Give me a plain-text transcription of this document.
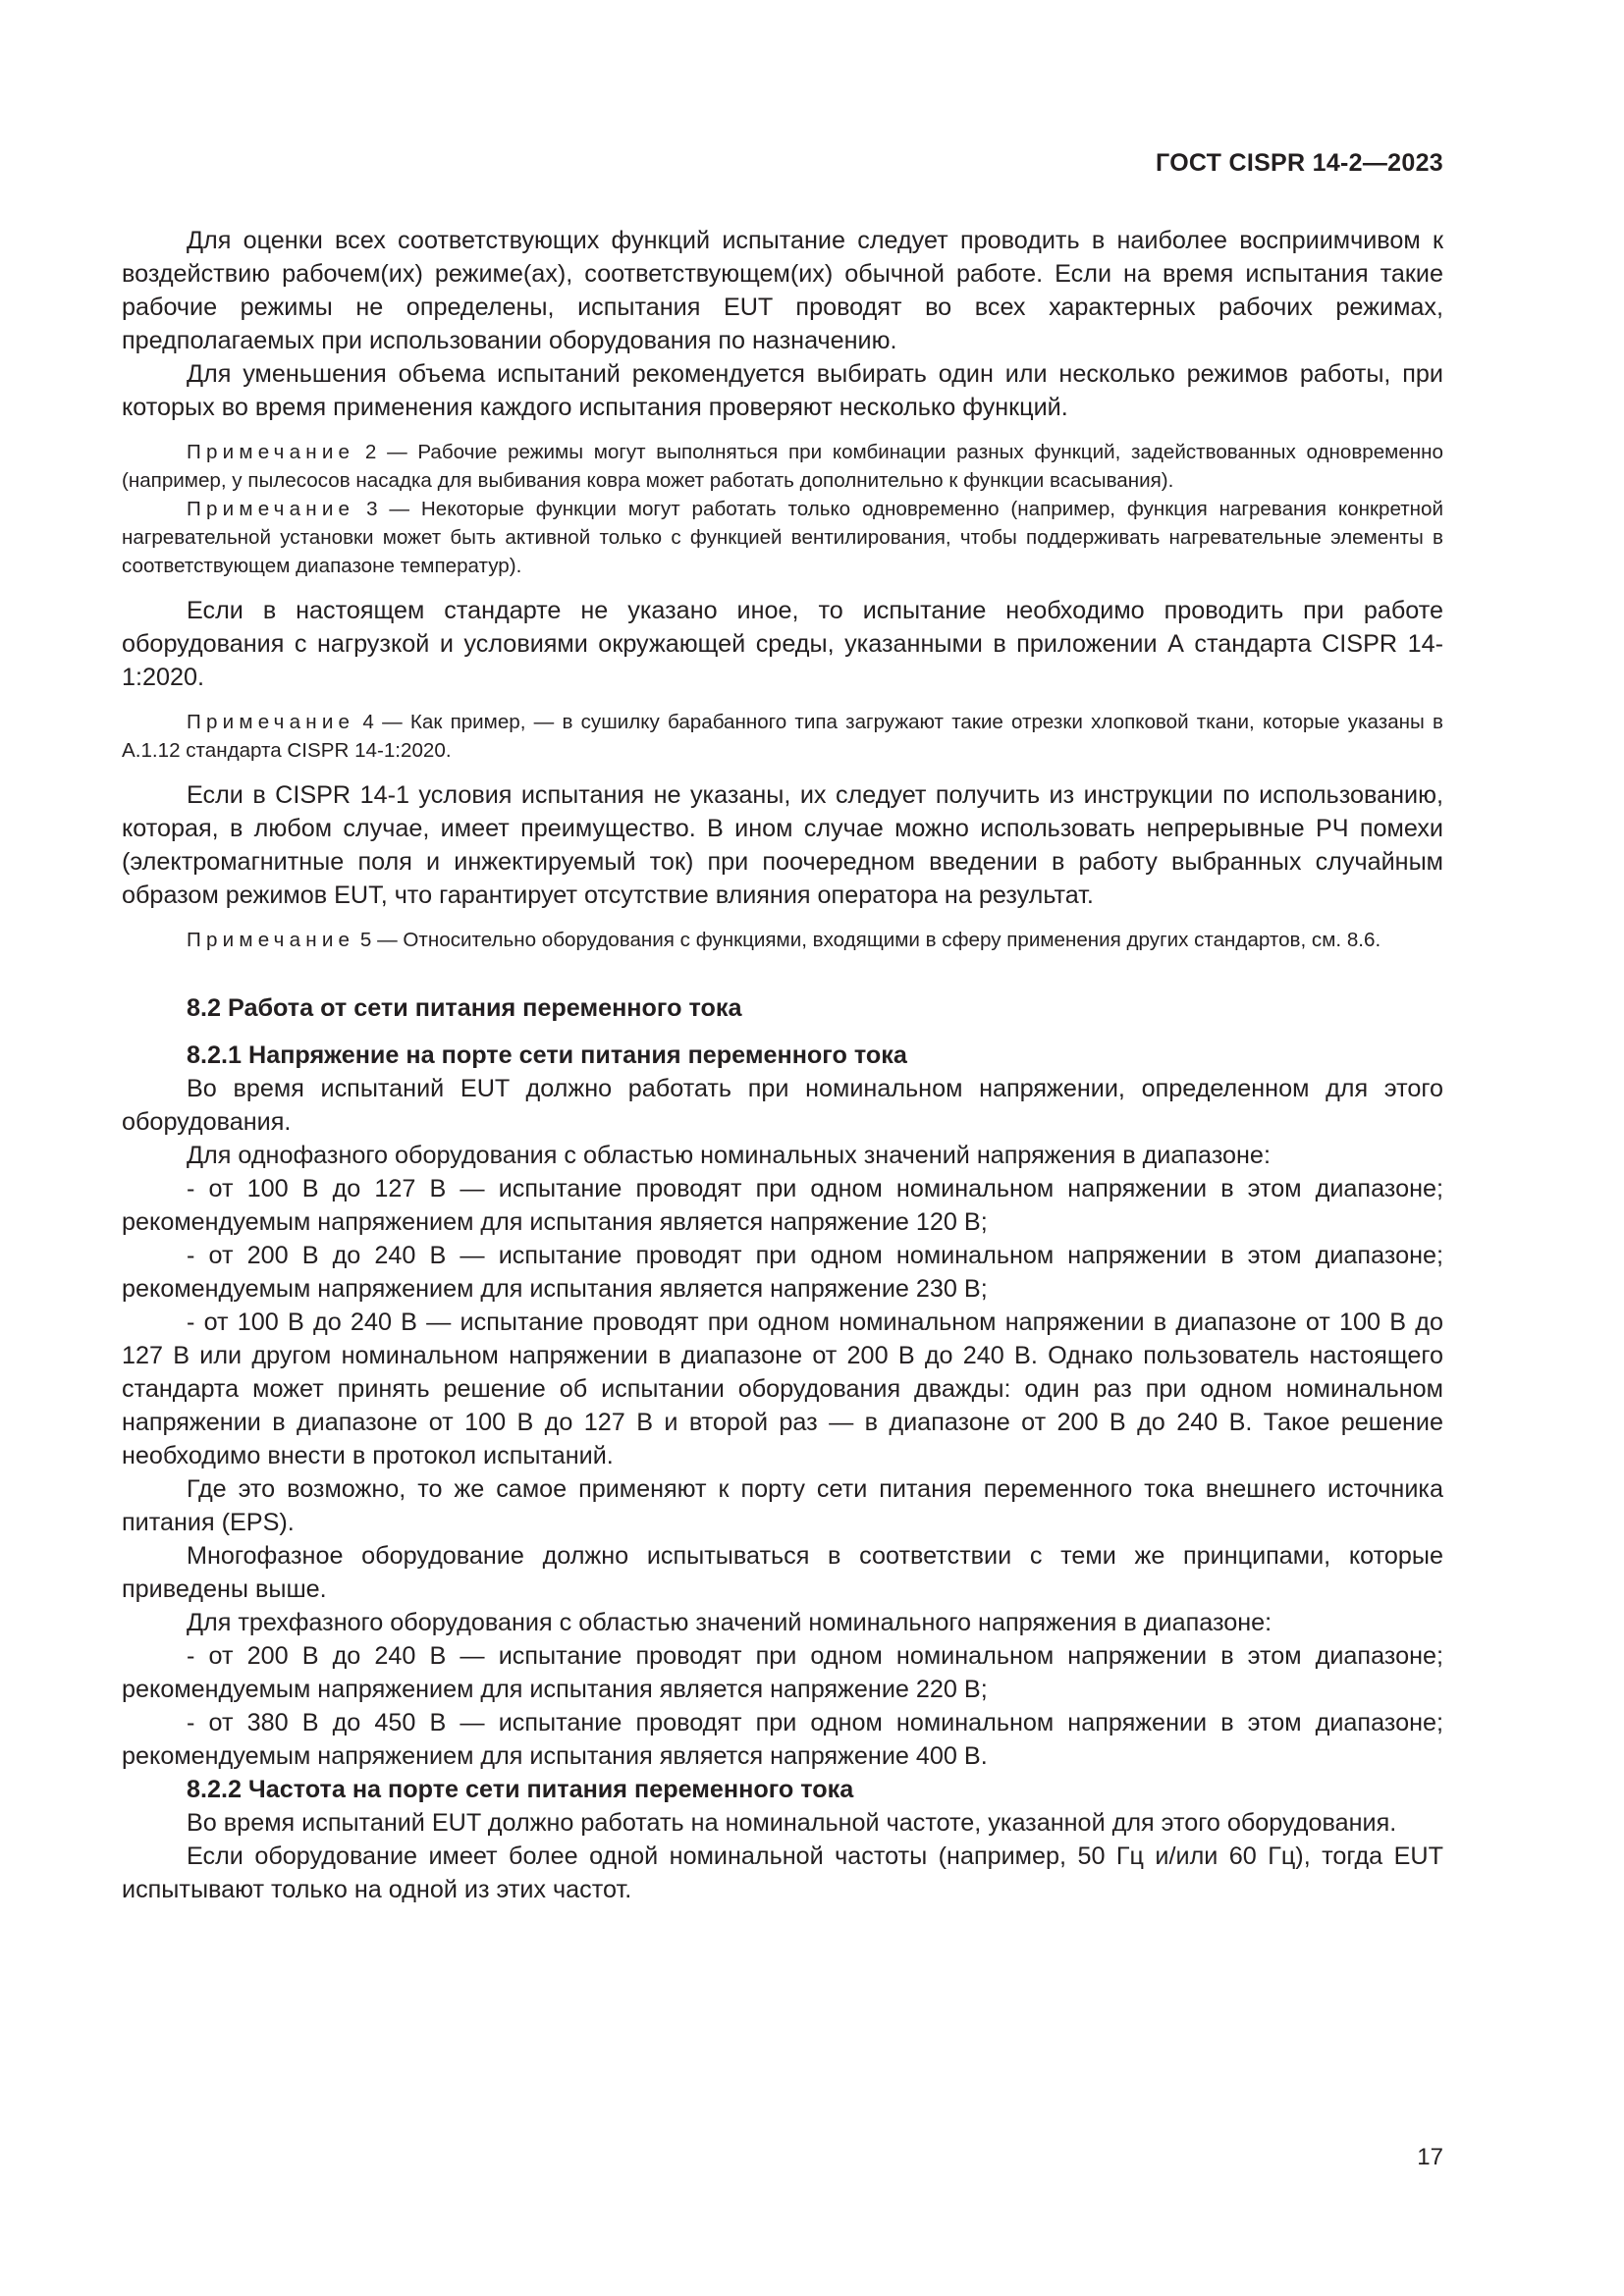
ГОСТ CISPR 14-2—2023

Для оценки всех соответствующих функций испытание следует проводить в наиболее восприимчивом к воздействию рабочем(их) режиме(ах), соответствующем(их) обычной работе. Если на время испытания такие рабочие режимы не определены, испытания EUT проводят во всех характерных рабочих режимах, предполагаемых при использовании оборудования по назначению.

Для уменьшения объема испытаний рекомендуется выбирать один или несколько режимов работы, при которых во время применения каждого испытания проверяют несколько функций.

Примечание 2 — Рабочие режимы могут выполняться при комбинации разных функций, задействованных одновременно (например, у пылесосов насадка для выбивания ковра может работать дополнительно к функции всасывания).

Примечание 3 — Некоторые функции могут работать только одновременно (например, функция нагревания конкретной нагревательной установки может быть активной только с функцией вентилирования, чтобы поддерживать нагревательные элементы в соответствующем диапазоне температур).

Если в настоящем стандарте не указано иное, то испытание необходимо проводить при работе оборудования с нагрузкой и условиями окружающей среды, указанными в приложении А стандарта CISPR 14-1:2020.

Примечание 4 — Как пример, — в сушилку барабанного типа загружают такие отрезки хлопковой ткани, которые указаны в А.1.12 стандарта CISPR 14-1:2020.

Если в CISPR 14-1 условия испытания не указаны, их следует получить из инструкции по использованию, которая, в любом случае, имеет преимущество. В ином случае можно использовать непрерывные РЧ помехи (электромагнитные поля и инжектируемый ток) при поочередном введении в работу выбранных случайным образом режимов EUT, что гарантирует отсутствие влияния оператора на результат.

Примечание 5 — Относительно оборудования с функциями, входящими в сферу применения других стандартов, см. 8.6.

8.2 Работа от сети питания переменного тока
8.2.1 Напряжение на порте сети питания переменного тока

Во время испытаний EUT должно работать при номинальном напряжении, определенном для этого оборудования.

Для однофазного оборудования с областью номинальных значений напряжения в диапазоне:

- от 100 В до 127 В — испытание проводят при одном номинальном напряжении в этом диапазоне; рекомендуемым напряжением для испытания является напряжение 120 В;

- от 200 В до 240 В — испытание проводят при одном номинальном напряжении в этом диапазоне; рекомендуемым напряжением для испытания является напряжение 230 В;

- от 100 В до 240 В — испытание проводят при одном номинальном напряжении в диапазоне от 100 В до 127 В или другом номинальном напряжении в диапазоне от 200 В до 240 В. Однако пользователь настоящего стандарта может принять решение об испытании оборудования дважды: один раз при одном номинальном напряжении в диапазоне от 100 В до 127 В и второй раз — в диапазоне от 200 В до 240 В. Такое решение необходимо внести в протокол испытаний.

Где это возможно, то же самое применяют к порту сети питания переменного тока внешнего источника питания (EPS).

Многофазное оборудование должно испытываться в соответствии с теми же принципами, которые приведены выше.

Для трехфазного оборудования с областью значений номинального напряжения в диапазоне:

- от 200 В до 240 В — испытание проводят при одном номинальном напряжении в этом диапазоне; рекомендуемым напряжением для испытания является напряжение 220 В;

- от 380 В до 450 В — испытание проводят при одном номинальном напряжении в этом диапазоне; рекомендуемым напряжением для испытания является напряжение 400 В.

8.2.2 Частота на порте сети питания переменного тока

Во время испытаний EUT должно работать на номинальной частоте, указанной для этого оборудования.

Если оборудование имеет более одной номинальной частоты (например, 50 Гц и/или 60 Гц), тогда EUT испытывают только на одной из этих частот.

17
